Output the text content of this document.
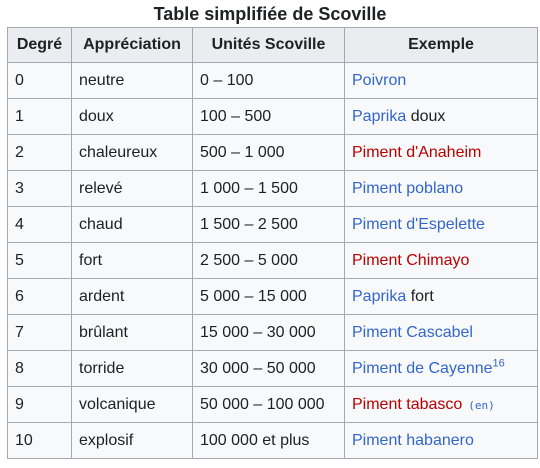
Table simplifiée de Scoville
Degré	Appréciation	Unités Scoville	Exemple
0	neutre	0 – 100	Poivron
1	doux	100 – 500	Paprika doux
2	chaleureux	500 – 1 000	Piment d'Anaheim
3	relevé	1 000 – 1 500	Piment poblano
4	chaud	1 500 – 2 500	Piment d'Espelette
5	fort	2 500 – 5 000	Piment Chimayo
6	ardent	5 000 – 15 000	Paprika fort
7	brûlant	15 000 – 30 000	Piment Cascabel
8	torride	30 000 – 50 000	Piment de Cayenne$^{16}$
9	volcanique	50 000 – 100 000	Piment tabasco (en)
10	explosif	100 000 et plus	Piment habanero
